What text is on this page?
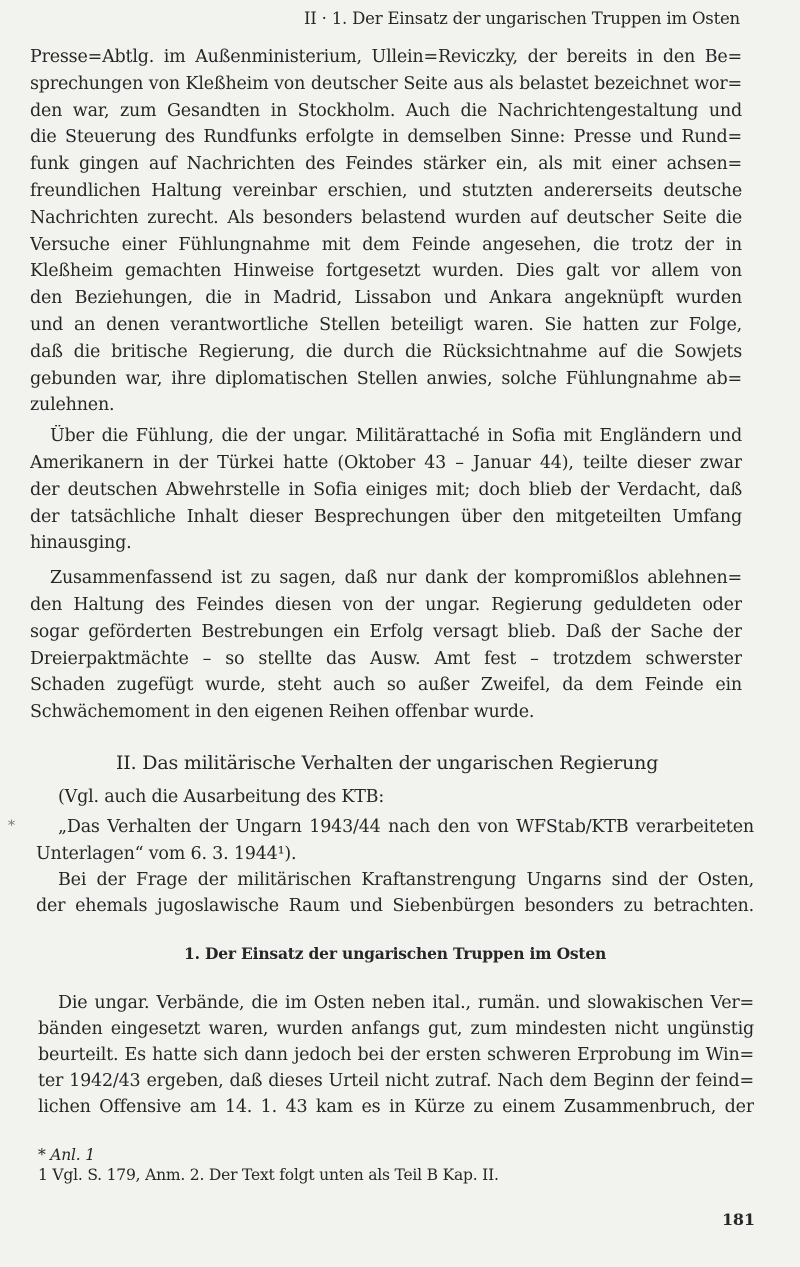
II · 1. Der Einsatz der ungarischen Truppen im Osten
Presse=Abtlg. im Außenministerium, Ullein=Reviczky, der bereits in den Be=
sprechungen von Kleßheim von deutscher Seite aus als belastet bezeichnet wor=
den war, zum Gesandten in Stockholm. Auch die Nachrichtengestaltung und
die Steuerung des Rundfunks erfolgte in demselben Sinne: Presse und Rund=
funk gingen auf Nachrichten des Feindes stärker ein, als mit einer achsen=
freundlichen Haltung vereinbar erschien, und stutzten andererseits deutsche
Nachrichten zurecht. Als besonders belastend wurden auf deutscher Seite die
Versuche einer Fühlungnahme mit dem Feinde angesehen, die trotz der in
Kleßheim gemachten Hinweise fortgesetzt wurden. Dies galt vor allem von
den Beziehungen, die in Madrid, Lissabon und Ankara angeknüpft wurden
und an denen verantwortliche Stellen beteiligt waren. Sie hatten zur Folge,
daß die britische Regierung, die durch die Rücksichtnahme auf die Sowjets
gebunden war, ihre diplomatischen Stellen anwies, solche Fühlungnahme ab=
zulehnen.
Über die Fühlung, die der ungar. Militärattaché in Sofia mit Engländern und
Amerikanern in der Türkei hatte (Oktober 43 – Januar 44), teilte dieser zwar
der deutschen Abwehrstelle in Sofia einiges mit; doch blieb der Verdacht, daß
der tatsächliche Inhalt dieser Besprechungen über den mitgeteilten Umfang
hinausging.
Zusammenfassend ist zu sagen, daß nur dank der kompromißlos ablehnen=
den Haltung des Feindes diesen von der ungar. Regierung geduldeten oder
sogar geförderten Bestrebungen ein Erfolg versagt blieb. Daß der Sache der
Dreierpaktmächte – so stellte das Ausw. Amt fest – trotzdem schwerster
Schaden zugefügt wurde, steht auch so außer Zweifel, da dem Feinde ein
Schwächemoment in den eigenen Reihen offenbar wurde.
II. Das militärische Verhalten der ungarischen Regierung
(Vgl. auch die Ausarbeitung des KTB:
„Das Verhalten der Ungarn 1943/44 nach den von WFStab/KTB verarbeiteten
Unterlagen“ vom 6. 3. 1944¹).
Bei der Frage der militärischen Kraftanstrengung Ungarns sind der Osten,
der ehemals jugoslawische Raum und Siebenbürgen besonders zu betrachten.
1. Der Einsatz der ungarischen Truppen im Osten
Die ungar. Verbände, die im Osten neben ital., rumän. und slowakischen Ver=
bänden eingesetzt waren, wurden anfangs gut, zum mindesten nicht ungünstig
beurteilt. Es hatte sich dann jedoch bei der ersten schweren Erprobung im Win=
ter 1942/43 ergeben, daß dieses Urteil nicht zutraf. Nach dem Beginn der feind=
lichen Offensive am 14. 1. 43 kam es in Kürze zu einem Zusammenbruch, der
* Anl. 1
1 Vgl. S. 179, Anm. 2. Der Text folgt unten als Teil B Kap. II.
181
*
